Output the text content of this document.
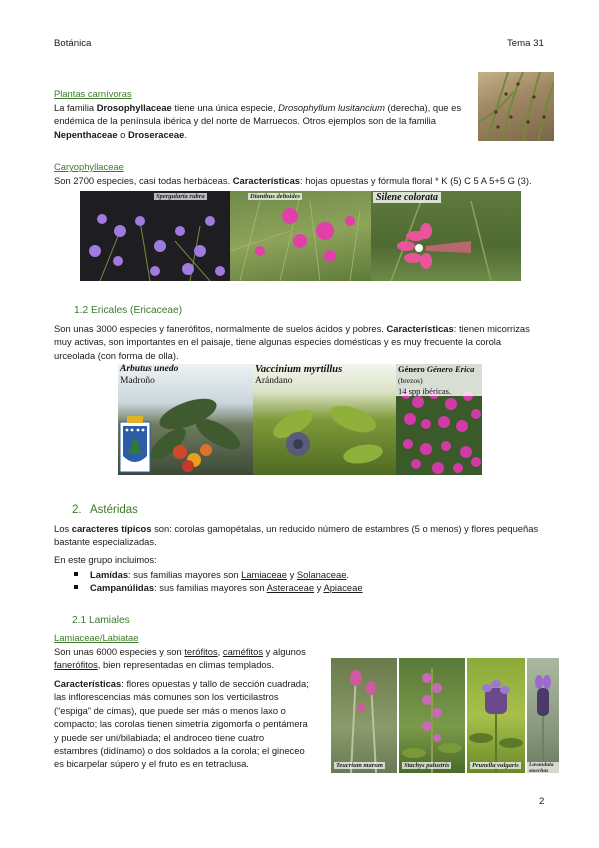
Botánica	Tema 31
Plantas carnívoras

La familia Drosophyllaceae tiene una única especie, Drosophyllum lusitancium (derecha), que es
endémica de la península ibérica y del norte de Marruecos. Otros ejemplos son de la familia
Nepenthaceae o Droseraceae.

Caryophyllaceae

Son 2700 especies, casi todas herbáceas. Características: hojas opuestas y fórmula floral * K (5) C 5 A 5+5 G (3).

Spergularia rubra	Dianthus deltoides	Silene colorata
1.2 Ericales (Ericaceae)

Son unas 3000 especies y fanerófitos, normalmente de suelos ácidos y pobres. Características: tienen micorrizas
muy activas, son importantes en el paisaje, tiene algunas especies domésticas y es muy frecuente la corola
urceolada (con forma de olla).

Arbutus unedo
Madroño
Vaccinium myrtillus
Arándano
Género Género Erica (brezos)
14 spp ibéricas.
2. Astéridas

Los caracteres típicos son: corolas gamopétalas, un reducido número de estambres (5 o menos) y flores pequeñas
bastante especializadas.

En este grupo incluimos:

Lamídas: sus familias mayores son Lamiaceae y Solanaceae.
Campanúlidas: sus familias mayores son Asteraceae y Apiaceae
2.1 Lamiales
Lamiaceae/Labiatae

Son unas 6000 especies y son terófitos, caméfitos y algunos
fanerófitos, bien representadas en climas templados.

Características: flores opuestas y tallo de sección cuadrada;
las inflorescencias más comunes son los verticilastros
(“espiga” de cimas), que puede ser más o menos laxo o
compacto; las corolas tienen simetría zigomorfa o pentámera
y puede ser uni/bilabiada; el androceo tiene cuatro
estambres (didínamo) o dos soldados a la corola; el gineceo
es bicarpelar súpero y el fruto es en tetraclusa.	Teucrium marum	Stachys palustris	Prunella vulgaris	Lavandula stoechas
2
